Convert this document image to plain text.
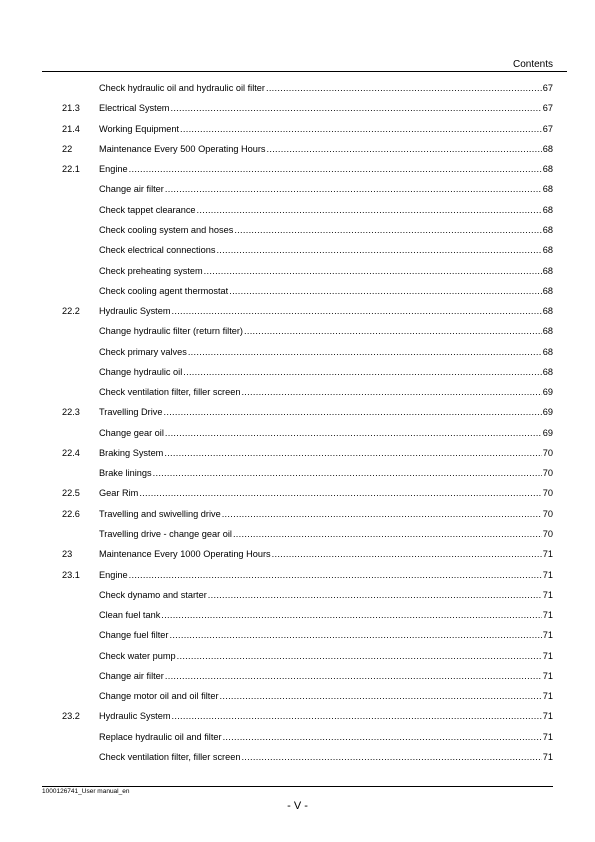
Contents
Check hydraulic oil and hydraulic oil filter .....	67
21.3	Electrical System .....	67
21.4	Working Equipment .....	67
22	Maintenance Every 500 Operating Hours .....	68
22.1	Engine .....	68
Change air filter .....	68
Check tappet clearance .....	68
Check cooling system and hoses .....	68
Check electrical connections .....	68
Check preheating system .....	68
Check cooling agent thermostat .....	68
22.2	Hydraulic System .....	68
Change hydraulic filter (return filter) .....	68
Check primary valves .....	68
Change hydraulic oil .....	68
Check ventilation filter, filler screen .....	69
22.3	Travelling Drive .....	69
Change gear oil .....	69
22.4	Braking System .....	70
Brake linings .....	70
22.5	Gear Rim .....	70
22.6	Travelling and swivelling drive .....	70
Travelling drive - change gear oil .....	70
23	Maintenance Every 1000 Operating Hours .....	71
23.1	Engine .....	71
Check dynamo and starter .....	71
Clean fuel tank .....	71
Change fuel filter .....	71
Check water pump .....	71
Change air filter .....	71
Change motor oil and oil filter .....	71
23.2	Hydraulic System .....	71
Replace hydraulic oil and filter .....	71
Check ventilation filter, filler screen .....	71
1000126741_User manual_en
- V -
